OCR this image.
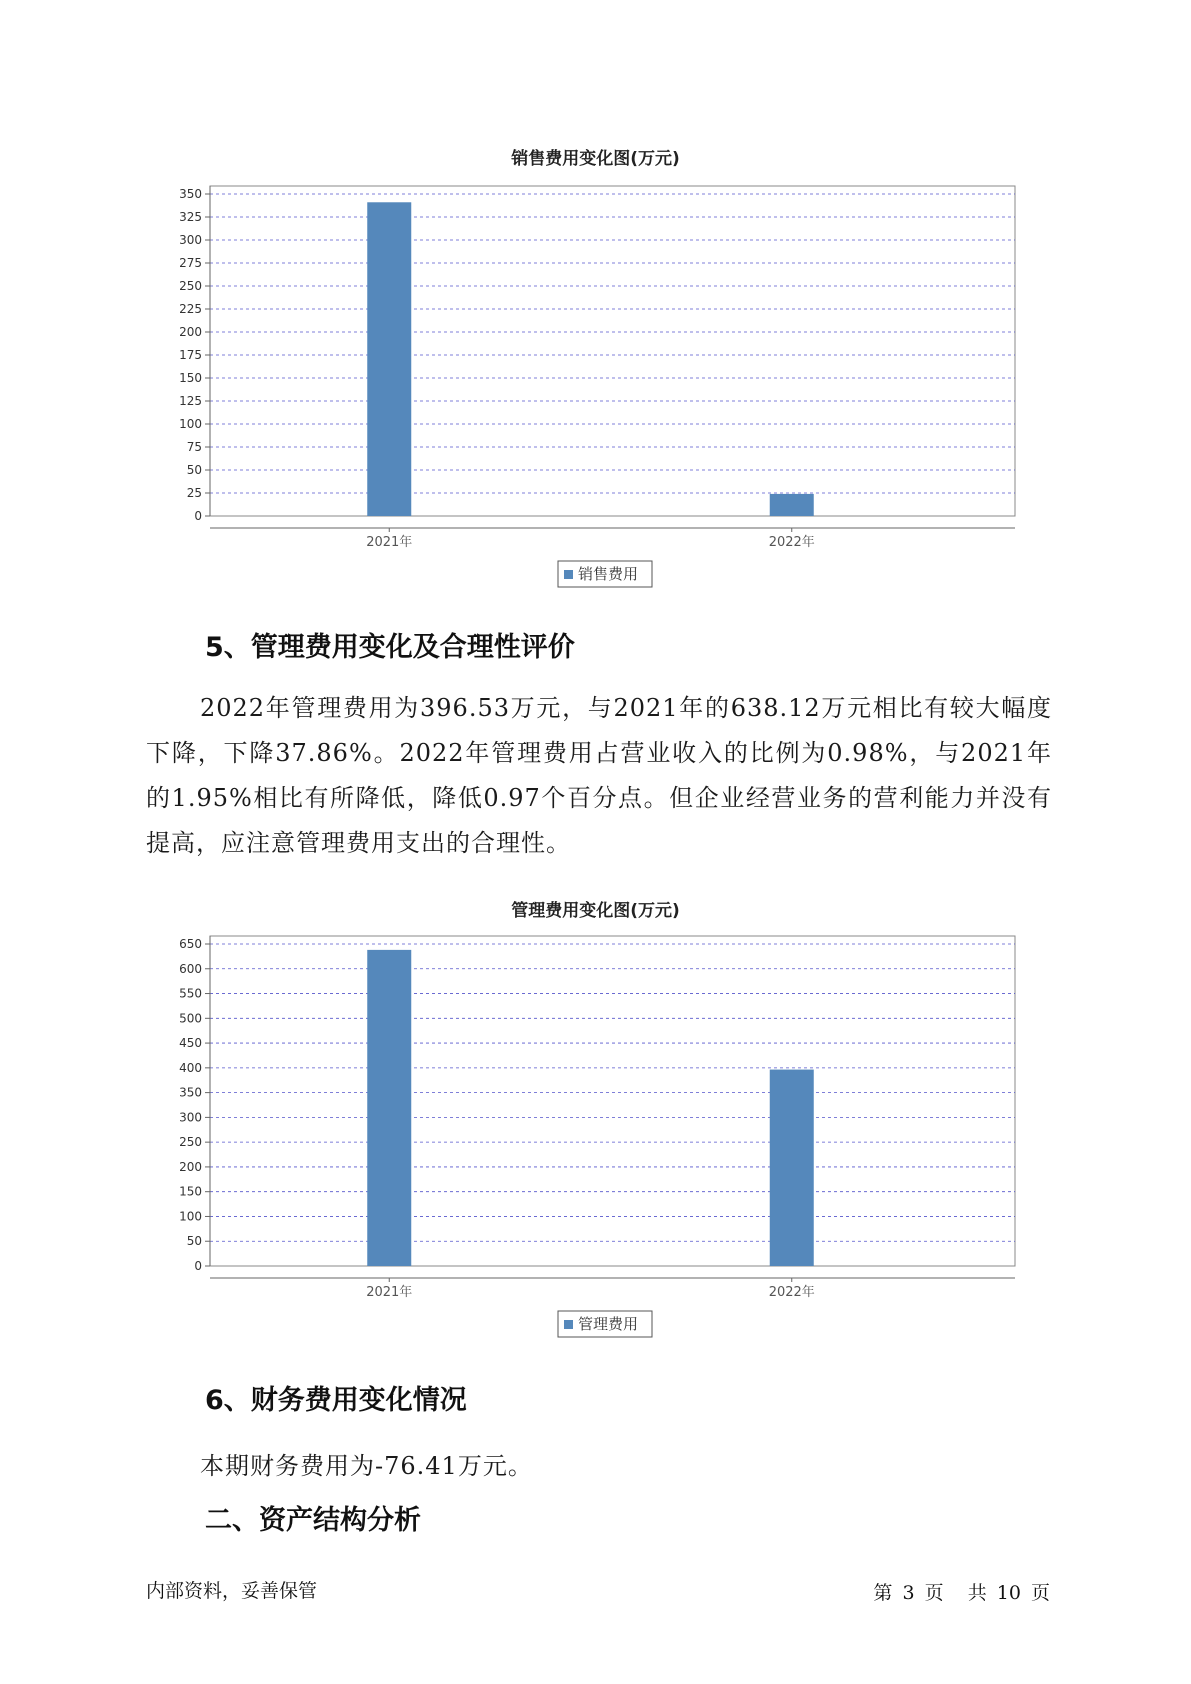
销售费用变化图(万元)
0
25
50
75
100
125
150
175
200
225
250
275
300
325
350
2021年	2022年
销售费用
5、管理费用变化及合理性评价
2022年管理费用为396.53万元，与2021年的638.12万元相比有较大幅度下降，下降37.86%。2022年管理费用占营业收入的比例为0.98%，与2021年的1.95%相比有所降低，降低0.97个百分点。但企业经营业务的营利能力并没有提高，应注意管理费用支出的合理性。
管理费用变化图(万元)
0
50
100
150
200
250
300
350
400
450
500
550
600
650
2021年	2022年
管理费用
6、财务费用变化情况
本期财务费用为-76.41万元。
二、资产结构分析
内部资料，妥善保管	第 3 页 共 10 页
